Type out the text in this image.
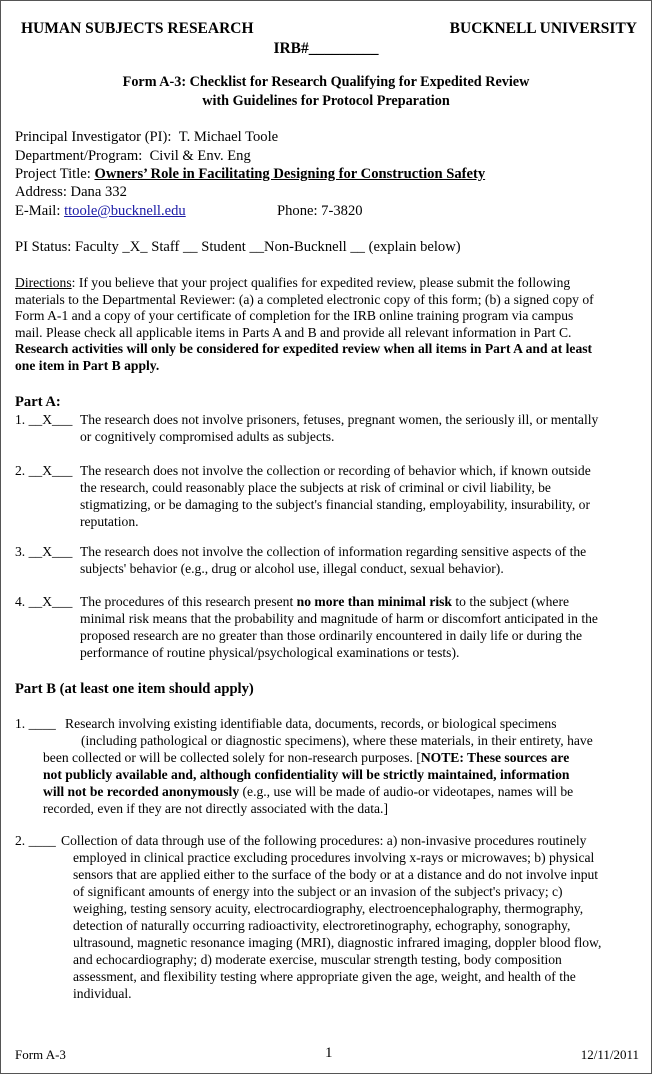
HUMAN SUBJECTS RESEARCH	BUCKNELL UNIVERSITY
IRB#_________
Form A-3: Checklist for Research Qualifying for Expedited Review
with Guidelines for Protocol Preparation
Principal Investigator (PI): T. Michael Toole
Department/Program: Civil & Env. Eng
Project Title: Owners’ Role in Facilitating Designing for Construction Safety
Address: Dana 332
E-Mail: ttoole@bucknell.edu	Phone: 7-3820
PI Status: Faculty _X_ Staff __ Student __Non-Bucknell __ (explain below)
Directions: If you believe that your project qualifies for expedited review, please submit the following
materials to the Departmental Reviewer: (a) a completed electronic copy of this form; (b) a signed copy of
Form A-1 and a copy of your certificate of completion for the IRB online training program via campus
mail. Please check all applicable items in Parts A and B and provide all relevant information in Part C.
Research activities will only be considered for expedited review when all items in Part A and at least
one item in Part B apply.
Part A:
1. __X___ The research does not involve prisoners, fetuses, pregnant women, the seriously ill, or mentally
or cognitively compromised adults as subjects.
2. __X___ The research does not involve the collection or recording of behavior which, if known outside
the research, could reasonably place the subjects at risk of criminal or civil liability, be
stigmatizing, or be damaging to the subject's financial standing, employability, insurability, or
reputation.
3. __X___ The research does not involve the collection of information regarding sensitive aspects of the
subjects' behavior (e.g., drug or alcohol use, illegal conduct, sexual behavior).
4. __X___ The procedures of this research present no more than minimal risk to the subject (where
minimal risk means that the probability and magnitude of harm or discomfort anticipated in the
proposed research are no greater than those ordinarily encountered in daily life or during the
performance of routine physical/psychological examinations or tests).
Part B (at least one item should apply)
1. ____ Research involving existing identifiable data, documents, records, or biological specimens
(including pathological or diagnostic specimens), where these materials, in their entirety, have
been collected or will be collected solely for non-research purposes. [NOTE: These sources are
not publicly available and, although confidentiality will be strictly maintained, information
will not be recorded anonymously (e.g., use will be made of audio-or videotapes, names will be
recorded, even if they are not directly associated with the data.]
2. ____ Collection of data through use of the following procedures: a) non-invasive procedures routinely
employed in clinical practice excluding procedures involving x-rays or microwaves; b) physical
sensors that are applied either to the surface of the body or at a distance and do not involve input
of significant amounts of energy into the subject or an invasion of the subject's privacy; c)
weighing, testing sensory acuity, electrocardiography, electroencephalography, thermography,
detection of naturally occurring radioactivity, electroretinography, echography, sonography,
ultrasound, magnetic resonance imaging (MRI), diagnostic infrared imaging, doppler blood flow,
and echocardiography; d) moderate exercise, muscular strength testing, body composition
assessment, and flexibility testing where appropriate given the age, weight, and health of the
individual.
Form A-3	1	12/11/2011
